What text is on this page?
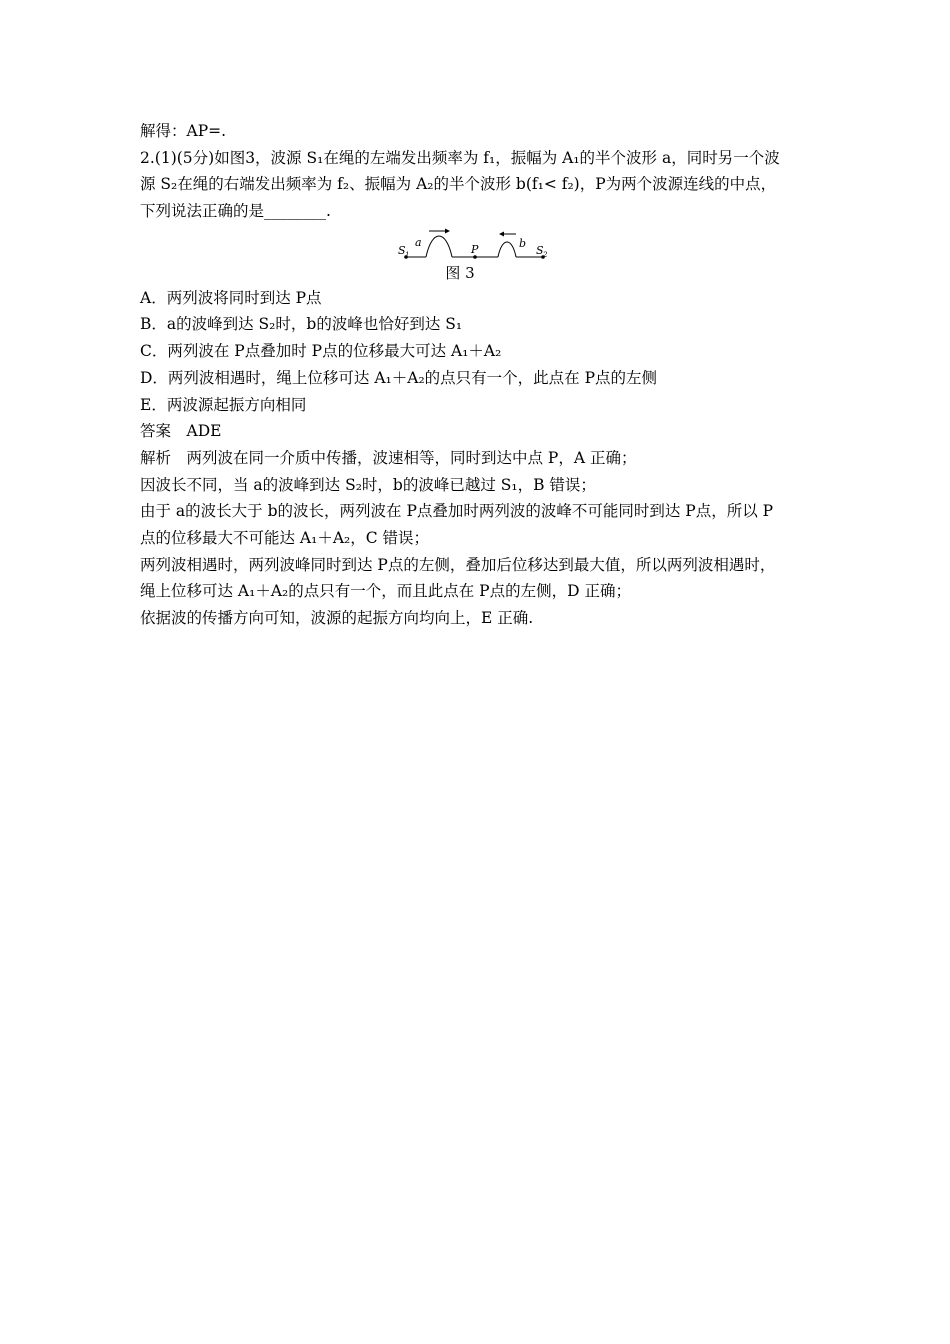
解得：AP=.
2.(1)(5分)如图3，波源 S₁在绳的左端发出频率为 f₁，振幅为 A₁的半个波形 a，同时另一个波
源 S₂在绳的右端发出频率为 f₂、振幅为 A₂的半个波形 b(f₁< f₂)，P为两个波源连线的中点，
下列说法正确的是________.
S 1
a
P	b
S 2
图 3
A．两列波将同时到达 P点
B．a的波峰到达 S₂时，b的波峰也恰好到达 S₁
C．两列波在 P点叠加时 P点的位移最大可达 A₁＋A₂
D．两列波相遇时，绳上位移可达 A₁＋A₂的点只有一个，此点在 P点的左侧
E．两波源起振方向相同
答案　ADE
解析　两列波在同一介质中传播，波速相等，同时到达中点 P，A 正确；
因波长不同，当 a的波峰到达 S₂时，b的波峰已越过 S₁，B 错误；
由于 a的波长大于 b的波长，两列波在 P点叠加时两列波的波峰不可能同时到达 P点，所以 P
点的位移最大不可能达 A₁＋A₂，C 错误；
两列波相遇时，两列波峰同时到达 P点的左侧，叠加后位移达到最大值，所以两列波相遇时，
绳上位移可达 A₁＋A₂的点只有一个，而且此点在 P点的左侧，D 正确；
依据波的传播方向可知，波源的起振方向均向上，E 正确.
